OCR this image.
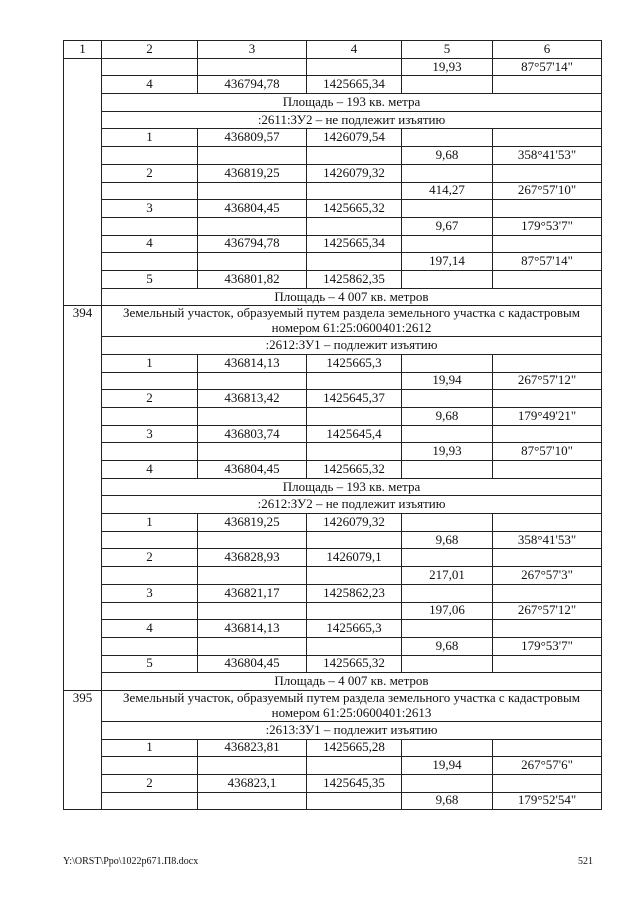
1	2	3	4	5	6
				19,93	87°57'14"
	4	436794,78	1425665,34		
	Площадь – 193 кв. метра				
	:2611:ЗУ2 – не подлежит изъятию				
	1	436809,57	1426079,54		
				9,68	358°41'53"
	2	436819,25	1426079,32		
				414,27	267°57'10"
	3	436804,45	1425665,32		
				9,67	179°53'7"
	4	436794,78	1425665,34		
				197,14	87°57'14"
	5	436801,82	1425862,35		
	Площадь – 4 007 кв. метров				
394	Земельный участок, образуемый путем раздела земельного участка с кадастровым номером 61:25:0600401:2612				
	:2612:ЗУ1 – подлежит изъятию				
	1	436814,13	1425665,3		
				19,94	267°57'12"
	2	436813,42	1425645,37		
				9,68	179°49'21"
	3	436803,74	1425645,4		
				19,93	87°57'10"
	4	436804,45	1425665,32		
	Площадь – 193 кв. метра				
	:2612:ЗУ2 – не подлежит изъятию				
	1	436819,25	1426079,32		
				9,68	358°41'53"
	2	436828,93	1426079,1		
				217,01	267°57'3"
	3	436821,17	1425862,23		
				197,06	267°57'12"
	4	436814,13	1425665,3		
				9,68	179°53'7"
	5	436804,45	1425665,32		
	Площадь – 4 007 кв. метров				
395	Земельный участок, образуемый путем раздела земельного участка с кадастровым номером 61:25:0600401:2613				
	:2613:ЗУ1 – подлежит изъятию				
	1	436823,81	1425665,28		
				19,94	267°57'6"
	2	436823,1	1425645,35		
				9,68	179°52'54"
Y:\ORST\Ppo\1022p671.П8.docx	521
